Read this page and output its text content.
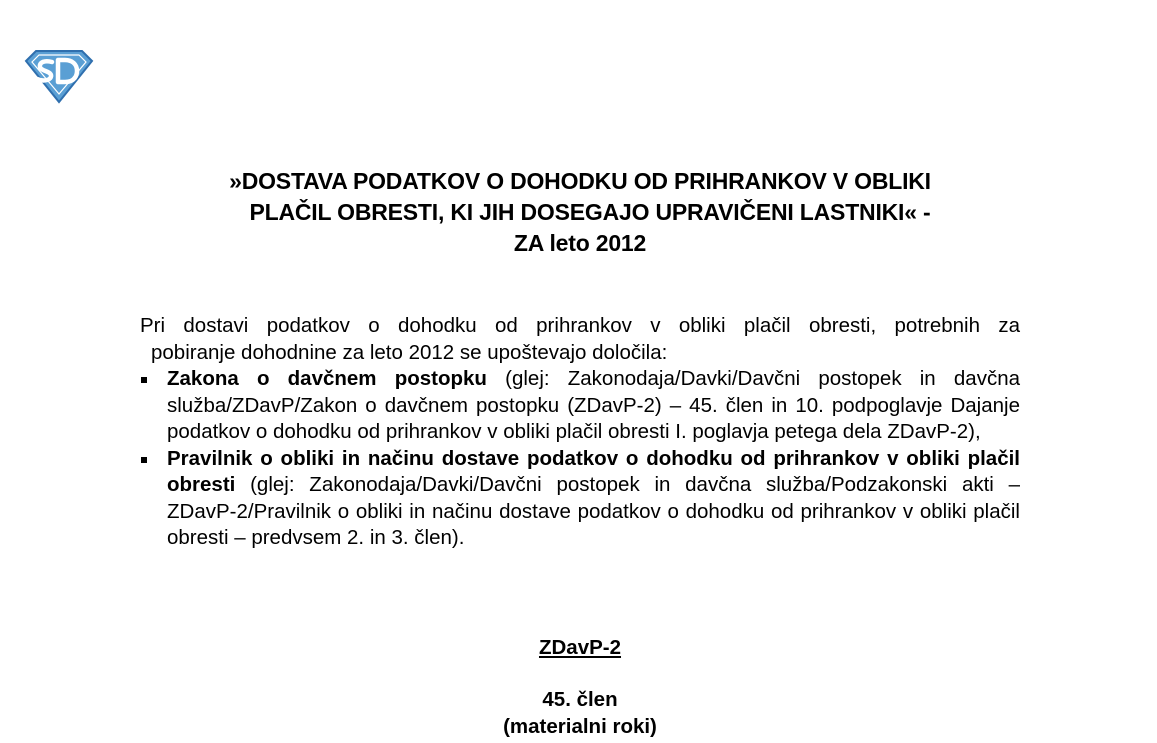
»DOSTAVA PODATKOV O DOHODKU OD PRIHRANKOV V OBLIKI
PLAČIL OBRESTI, KI JIH DOSEGAJO UPRAVIČENI LASTNIKI« -
ZA leto 2012

Pri dostavi podatkov o dohodku od prihrankov v obliki plačil obresti, potrebnih za
pobiranje dohodnine za leto 2012 se upoštevajo določila:

Zakona o davčnem postopku (glej: Zakonodaja/Davki/Davčni postopek in davčna služba/ZDavP/Zakon o davčnem postopku (ZDavP-2) – 45. člen in 10. podpoglavje Dajanje podatkov o dohodku od prihrankov v obliki plačil obresti I. poglavja petega dela ZDavP-2),
Pravilnik o obliki in načinu dostave podatkov o dohodku od prihrankov v obliki plačil obresti (glej: Zakonodaja/Davki/Davčni postopek in davčna služba/Podzakonski akti – ZDavP-2/Pravilnik o obliki in načinu dostave podatkov o dohodku od prihrankov v obliki plačil obresti – predvsem 2. in 3. člen).
ZDavP-2
45. člen
(materialni roki)
